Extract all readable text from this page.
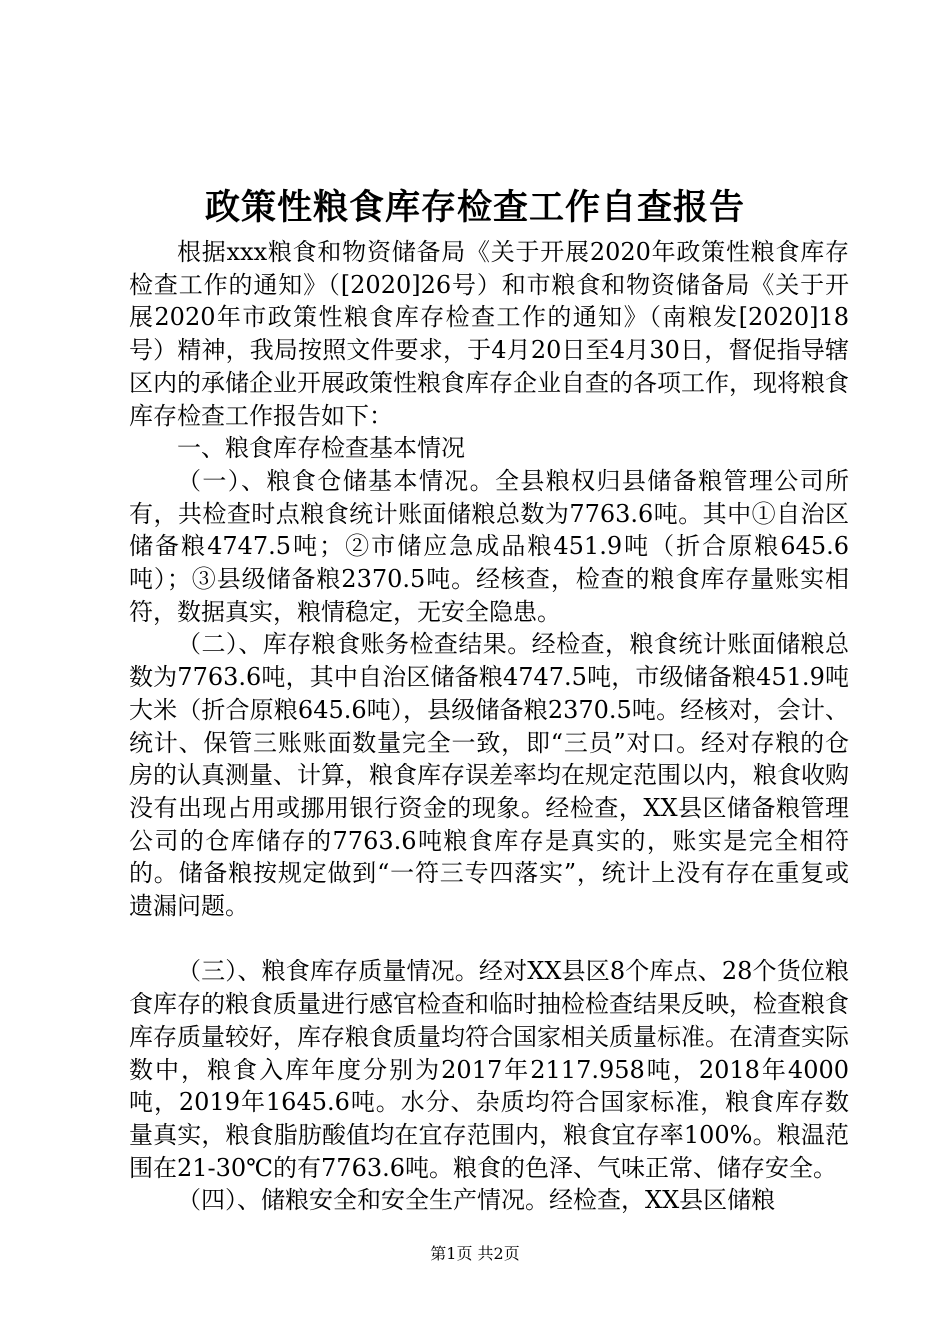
政策性粮食库存检查工作自查报告

根据xxx粮食和物资储备局《关于开展2020年政策性粮食库存检查工作的通知》（[2020]26号）和市粮食和物资储备局《关于开展2020年市政策性粮食库存检查工作的通知》（南粮发[2020]18号）精神，我局按照文件要求，于4月20日至4月30日，督促指导辖区内的承储企业开展政策性粮食库存企业自查的各项工作，现将粮食库存检查工作报告如下：

一、粮食库存检查基本情况

（一）、粮食仓储基本情况。全县粮权归县储备粮管理公司所有，共检查时点粮食统计账面储粮总数为7763.6吨。其中①自治区储备粮4747.5吨；②市储应急成品粮451.9吨（折合原粮645.6吨）；③县级储备粮2370.5吨。经核查，检查的粮食库存量账实相符，数据真实，粮情稳定，无安全隐患。

（二）、库存粮食账务检查结果。经检查，粮食统计账面储粮总数为7763.6吨，其中自治区储备粮4747.5吨，市级储备粮451.9吨大米（折合原粮645.6吨），县级储备粮2370.5吨。经核对，会计、统计、保管三账账面数量完全一致，即“三员”对口。经对存粮的仓房的认真测量、计算，粮食库存误差率均在规定范围以内，粮食收购没有出现占用或挪用银行资金的现象。经检查，XX县区储备粮管理公司的仓库储存的7763.6吨粮食库存是真实的，账实是完全相符的。储备粮按规定做到“一符三专四落实”，统计上没有存在重复或遗漏问题。

（三）、粮食库存质量情况。经对XX县区8个库点、28个货位粮食库存的粮食质量进行感官检查和临时抽检检查结果反映，检查粮食库存质量较好，库存粮食质量均符合国家相关质量标准。在清查实际数中，粮食入库年度分别为2017年2117.958吨，2018年4000吨，2019年1645.6吨。水分、杂质均符合国家标准，粮食库存数量真实，粮食脂肪酸值均在宜存范围内，粮食宜存率100%。粮温范围在21-30℃的有7763.6吨。粮食的色泽、气味正常、储存安全。

（四）、储粮安全和安全生产情况。经检查，XX县区储粮

第1页 共2页
